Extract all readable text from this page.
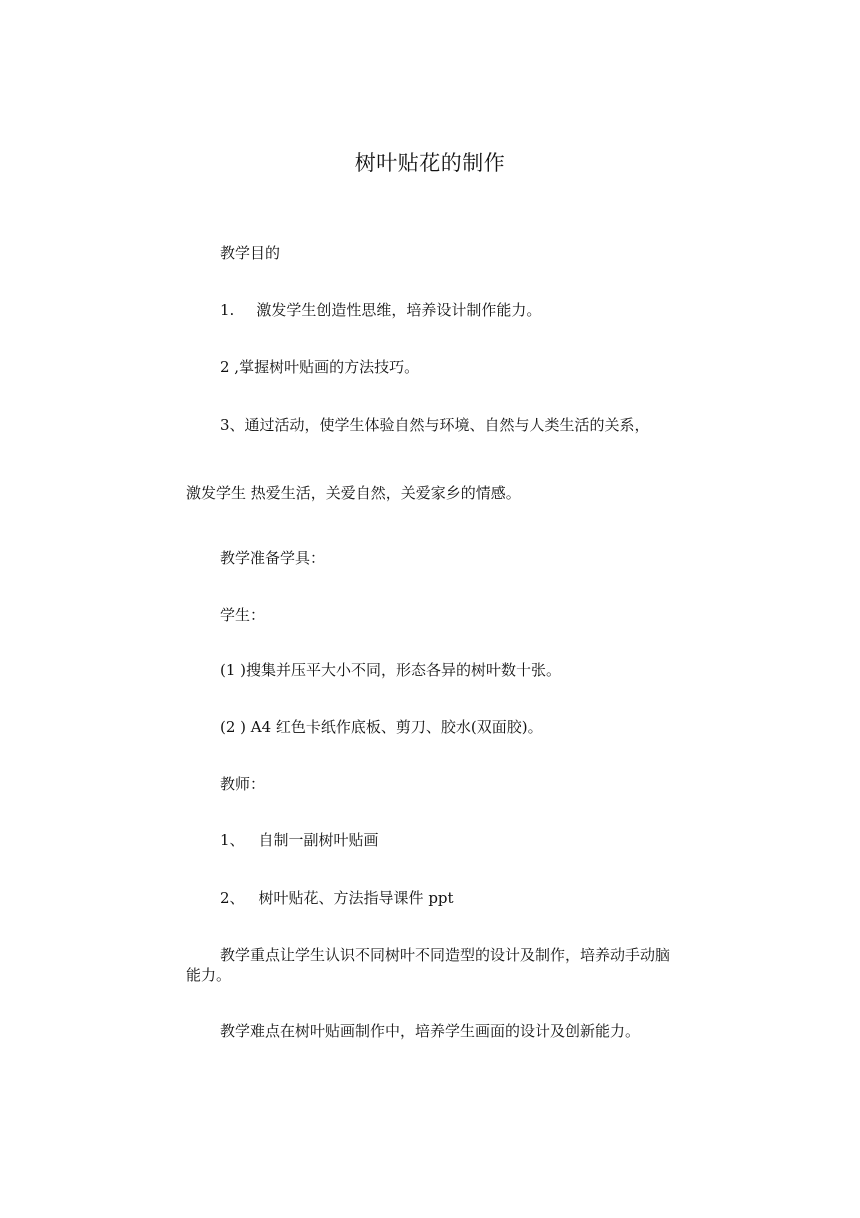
树叶贴花的制作
教学目的
1. 激发学生创造性思维，培养设计制作能力。
2 ,掌握树叶贴画的方法技巧。
3、通过活动，使学生体验自然与环境、自然与人类生活的关系，
激发学生 热爱生活，关爱自然，关爱家乡的情感。
教学准备学具：
学生：
(1 )搜集并压平大小不同，形态各异的树叶数十张。
(2 ) A4 红色卡纸作底板、剪刀、胶水(双面胶)。
教师：
1、 自制一副树叶贴画
2、 树叶贴花、方法指导课件 ppt
教学重点让学生认识不同树叶不同造型的设计及制作，培养动手动脑能力。
教学难点在树叶贴画制作中，培养学生画面的设计及创新能力。
